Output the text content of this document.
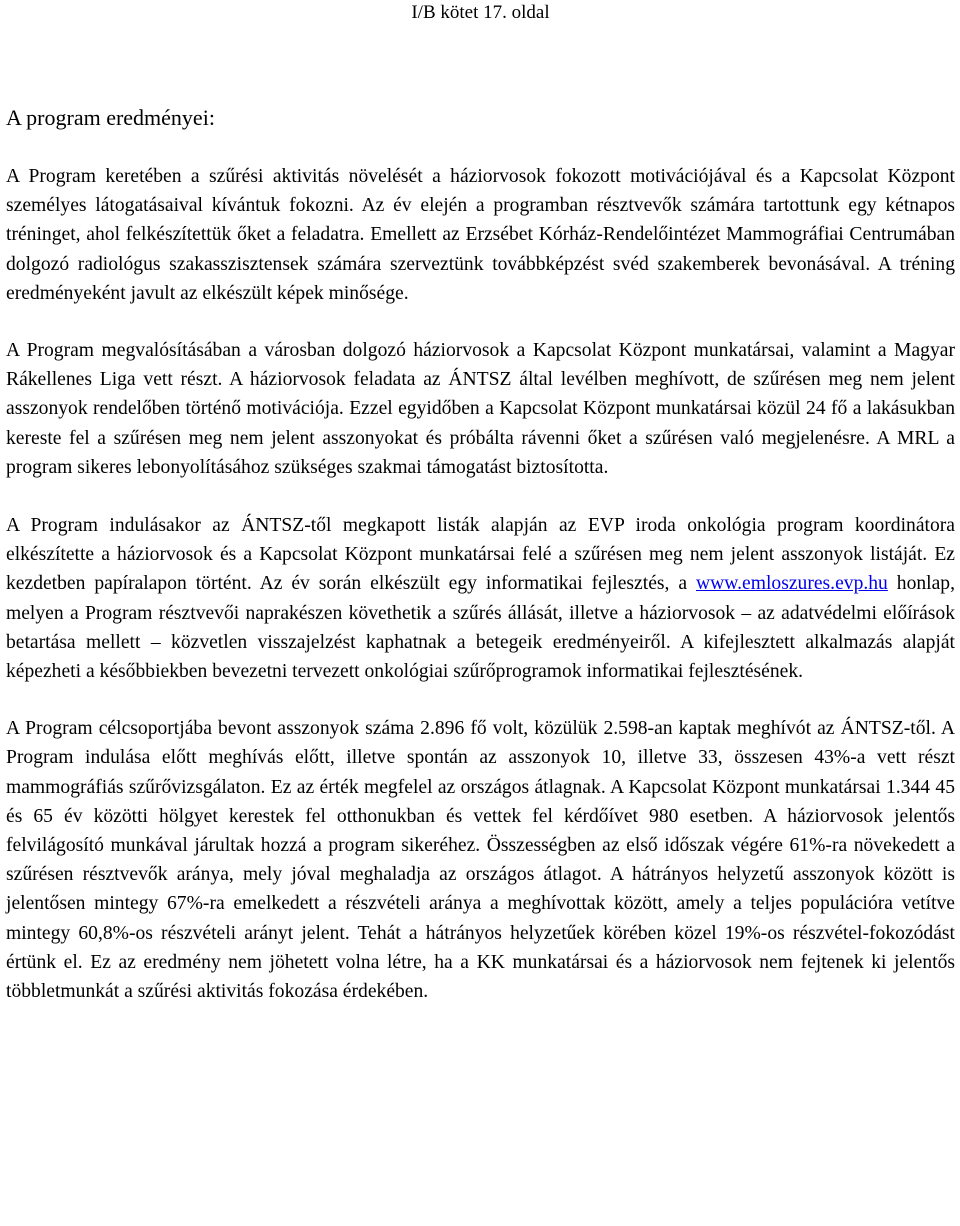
I/B kötet 17. oldal
A program eredményei:

A Program keretében a szűrési aktivitás növelését a háziorvosok fokozott motivációjával és a Kapcsolat Központ személyes látogatásaival kívántuk fokozni. Az év elején a programban résztvevők számára tartottunk egy kétnapos tréninget, ahol felkészítettük őket a feladatra. Emellett az Erzsébet Kórház-Rendelőintézet Mammográfiai Centrumában dolgozó radiológus szakasszisztensek számára szerveztünk továbbképzést svéd szakemberek bevonásával. A tréning eredményeként javult az elkészült képek minősége.

A Program megvalósításában a városban dolgozó háziorvosok a Kapcsolat Központ munkatársai, valamint a Magyar Rákellenes Liga vett részt. A háziorvosok feladata az ÁNTSZ által levélben meghívott, de szűrésen meg nem jelent asszonyok rendelőben történő motivációja. Ezzel egyidőben a Kapcsolat Központ munkatársai közül 24 fő a lakásukban kereste fel a szűrésen meg nem jelent asszonyokat és próbálta rávenni őket a szűrésen való megjelenésre. A MRL a program sikeres lebonyolításához szükséges szakmai támogatást biztosította.

A Program indulásakor az ÁNTSZ-től megkapott listák alapján az EVP iroda onkológia program koordinátora elkészítette a háziorvosok és a Kapcsolat Központ munkatársai felé a szűrésen meg nem jelent asszonyok listáját. Ez kezdetben papíralapon történt. Az év során elkészült egy informatikai fejlesztés, a www.emloszures.evp.hu honlap, melyen a Program résztvevői naprakészen követhetik a szűrés állását, illetve a háziorvosok – az adatvédelmi előírások betartása mellett – közvetlen visszajelzést kaphatnak a betegeik eredményeiről. A kifejlesztett alkalmazás alapját képezheti a későbbiekben bevezetni tervezett onkológiai szűrőprogramok informatikai fejlesztésének.

A Program célcsoportjába bevont asszonyok száma 2.896 fő volt, közülük 2.598-an kaptak meghívót az ÁNTSZ-től. A Program indulása előtt meghívás előtt, illetve spontán az asszonyok 10, illetve 33, összesen 43%-a vett részt mammográfiás szűrővizsgálaton. Ez az érték megfelel az országos átlagnak. A Kapcsolat Központ munkatársai 1.344 45 és 65 év közötti hölgyet kerestek fel otthonukban és vettek fel kérdőívet 980 esetben. A háziorvosok jelentős felvilágosító munkával járultak hozzá a program sikeréhez. Összességben az első időszak végére 61%-ra növekedett a szűrésen résztvevők aránya, mely jóval meghaladja az országos átlagot. A hátrányos helyzetű asszonyok között is jelentősen mintegy 67%-ra emelkedett a részvételi aránya a meghívottak között, amely a teljes populációra vetítve mintegy 60,8%-os részvételi arányt jelent. Tehát a hátrányos helyzetűek körében közel 19%-os részvétel-fokozódást értünk el. Ez az eredmény nem jöhetett volna létre, ha a KK munkatársai és a háziorvosok nem fejtenek ki jelentős többletmunkát a szűrési aktivitás fokozása érdekében.
